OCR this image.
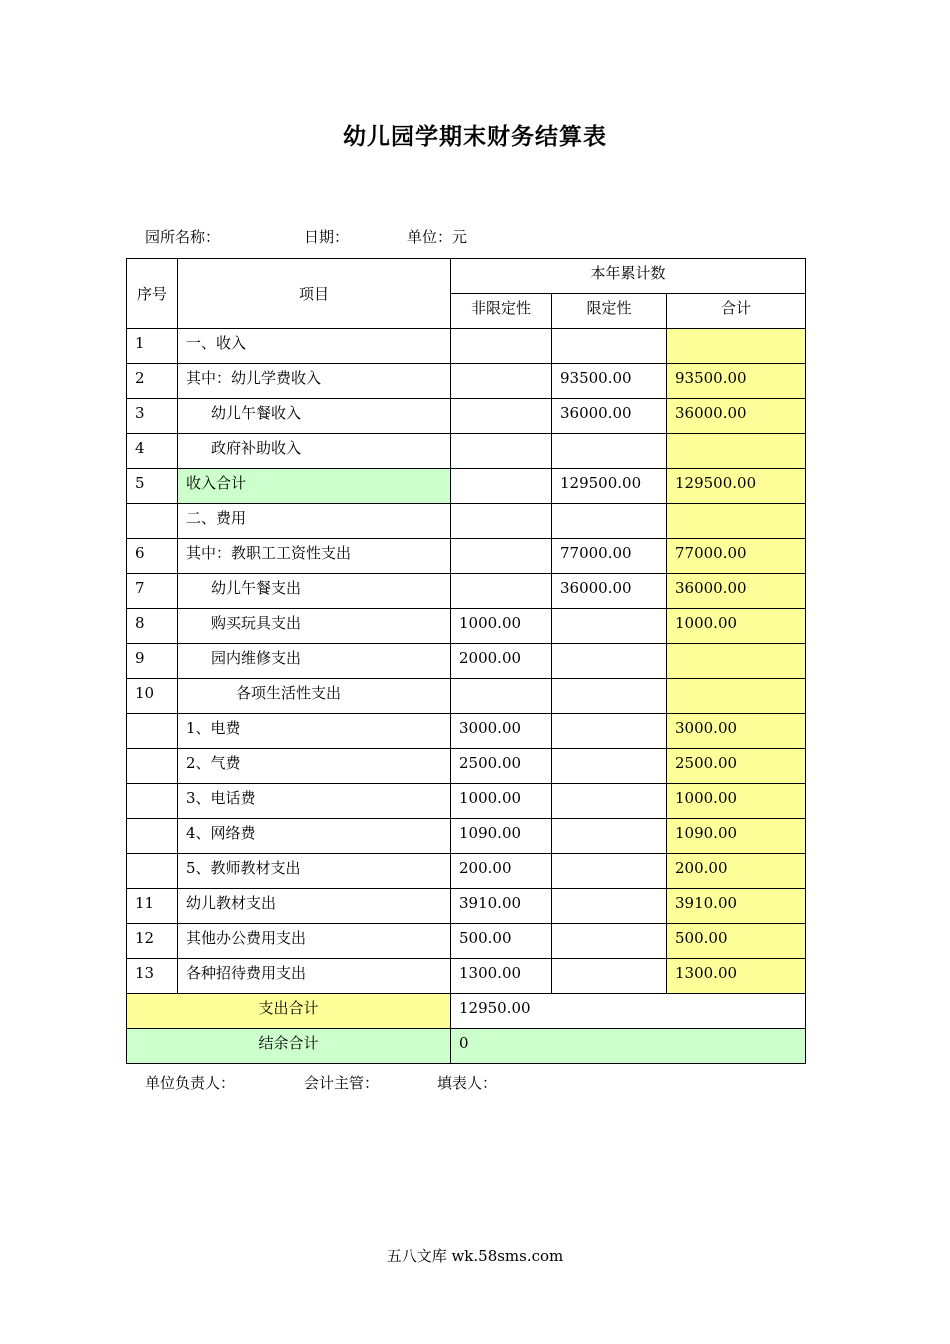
幼儿园学期末财务结算表
园所名称：	日期：	单位：元
序号	项目	本年累计数		
		非限定性	限定性	合计
1	一、收入			
2	其中：幼儿学费收入		93500.00	93500.00
3	幼儿午餐收入		36000.00	36000.00
4	政府补助收入			
5	收入合计		129500.00	129500.00
	二、费用			
6	其中：教职工工资性支出		77000.00	77000.00
7	幼儿午餐支出		36000.00	36000.00
8	购买玩具支出	1000.00		1000.00
9	园内维修支出	2000.00		
10	各项生活性支出			
	1、电费	3000.00		3000.00
	2、气费	2500.00		2500.00
	3、电话费	1000.00		1000.00
	4、网络费	1090.00		1090.00
	5、教师教材支出	200.00		200.00
11	幼儿教材支出	3910.00		3910.00
12	其他办公费用支出	500.00		500.00
13	各种招待费用支出	1300.00		1300.00
支出合计		12950.00		
结余合计		0		
单位负责人：	会计主管：	填表人：
五八文库 wk.58sms.com
